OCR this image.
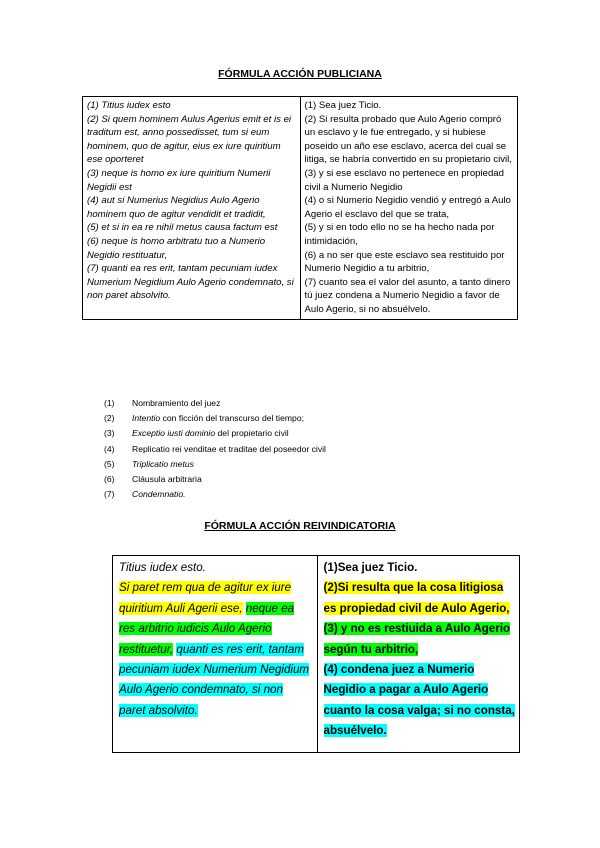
FÓRMULA ACCIÓN PUBLICIANA
(1) Titius iudex esto
(2) Si quem hominem Aulus Agerius emit et is ei traditum est, anno possedisset, tum si eum hominem, quo de agitur, eius ex iure quiritium ese oporteret
(3) neque is homo ex iure quiritium Numerii Negidii est
(4) aut si Numerius Negidius Aulo Agerio hominem quo de agitur vendidit et tradidit,
(5) et si in ea re nihil metus causa factum est
(6) neque is homo arbitratu tuo a Numerio Negidio restituatur,
(7) quanti ea res erit, tantam pecuniam iudex Numerium Negidium Aulo Agerio condemnato, si non paret absolvito.

(1) Sea juez Ticio.
(2) Si resulta probado que Aulo Agerio compró un esclavo y le fue entregado, y si hubiese poseido un año ese esclavo, acerca del cual se litiga, se habría convertido en su propietario civil,
(3) y si ese esclavo no pertenece en propiedad civil a Numerio Negidio
(4) o si Numerio Negidio vendió y entregó a Aulo Agerio el esclavo del que se trata,
(5) y si en todo ello no se ha hecho nada por intimidación,
(6) a no ser que este esclavo sea restituido por Numerio Negidio a tu arbitrio,
(7) cuanto sea el valor del asunto, a tanto dinero tú juez condena a Numerio Negidio a favor de Aulo Agerio, si no absuélvelo.
(1) Nombramiento del juez
(2) Intentio con ficción del transcurso del tiempo;
(3) Exceptio iusti dominio del propietario civil
(4) Replicatio rei venditae et traditae del poseedor civil
(5) Triplicatio metus
(6) Cláusula arbitraria
(7) Condemnatio.
FÓRMULA ACCIÓN REIVINDICATORIA
Titius iudex esto.
Si paret rem qua de agitur ex iure quiritium Auli Agerii ese, neque ea res arbitrio iudicis Aulo Agerio restituetur, quanti es res erit, tantam pecuniam iudex Numerium Negidium Aulo Agerio condemnato, si non paret absolvito.

(1)Sea juez Ticio.
(2)Si resulta que la cosa litigiosa es propiedad civil de Aulo Agerio,
(3) y no es restiuida a Aulo Agerio según tu arbitrio,
(4) condena juez a Numerio Negidio a pagar a Aulo Agerio cuanto la cosa valga; si no consta, absuélvelo.
